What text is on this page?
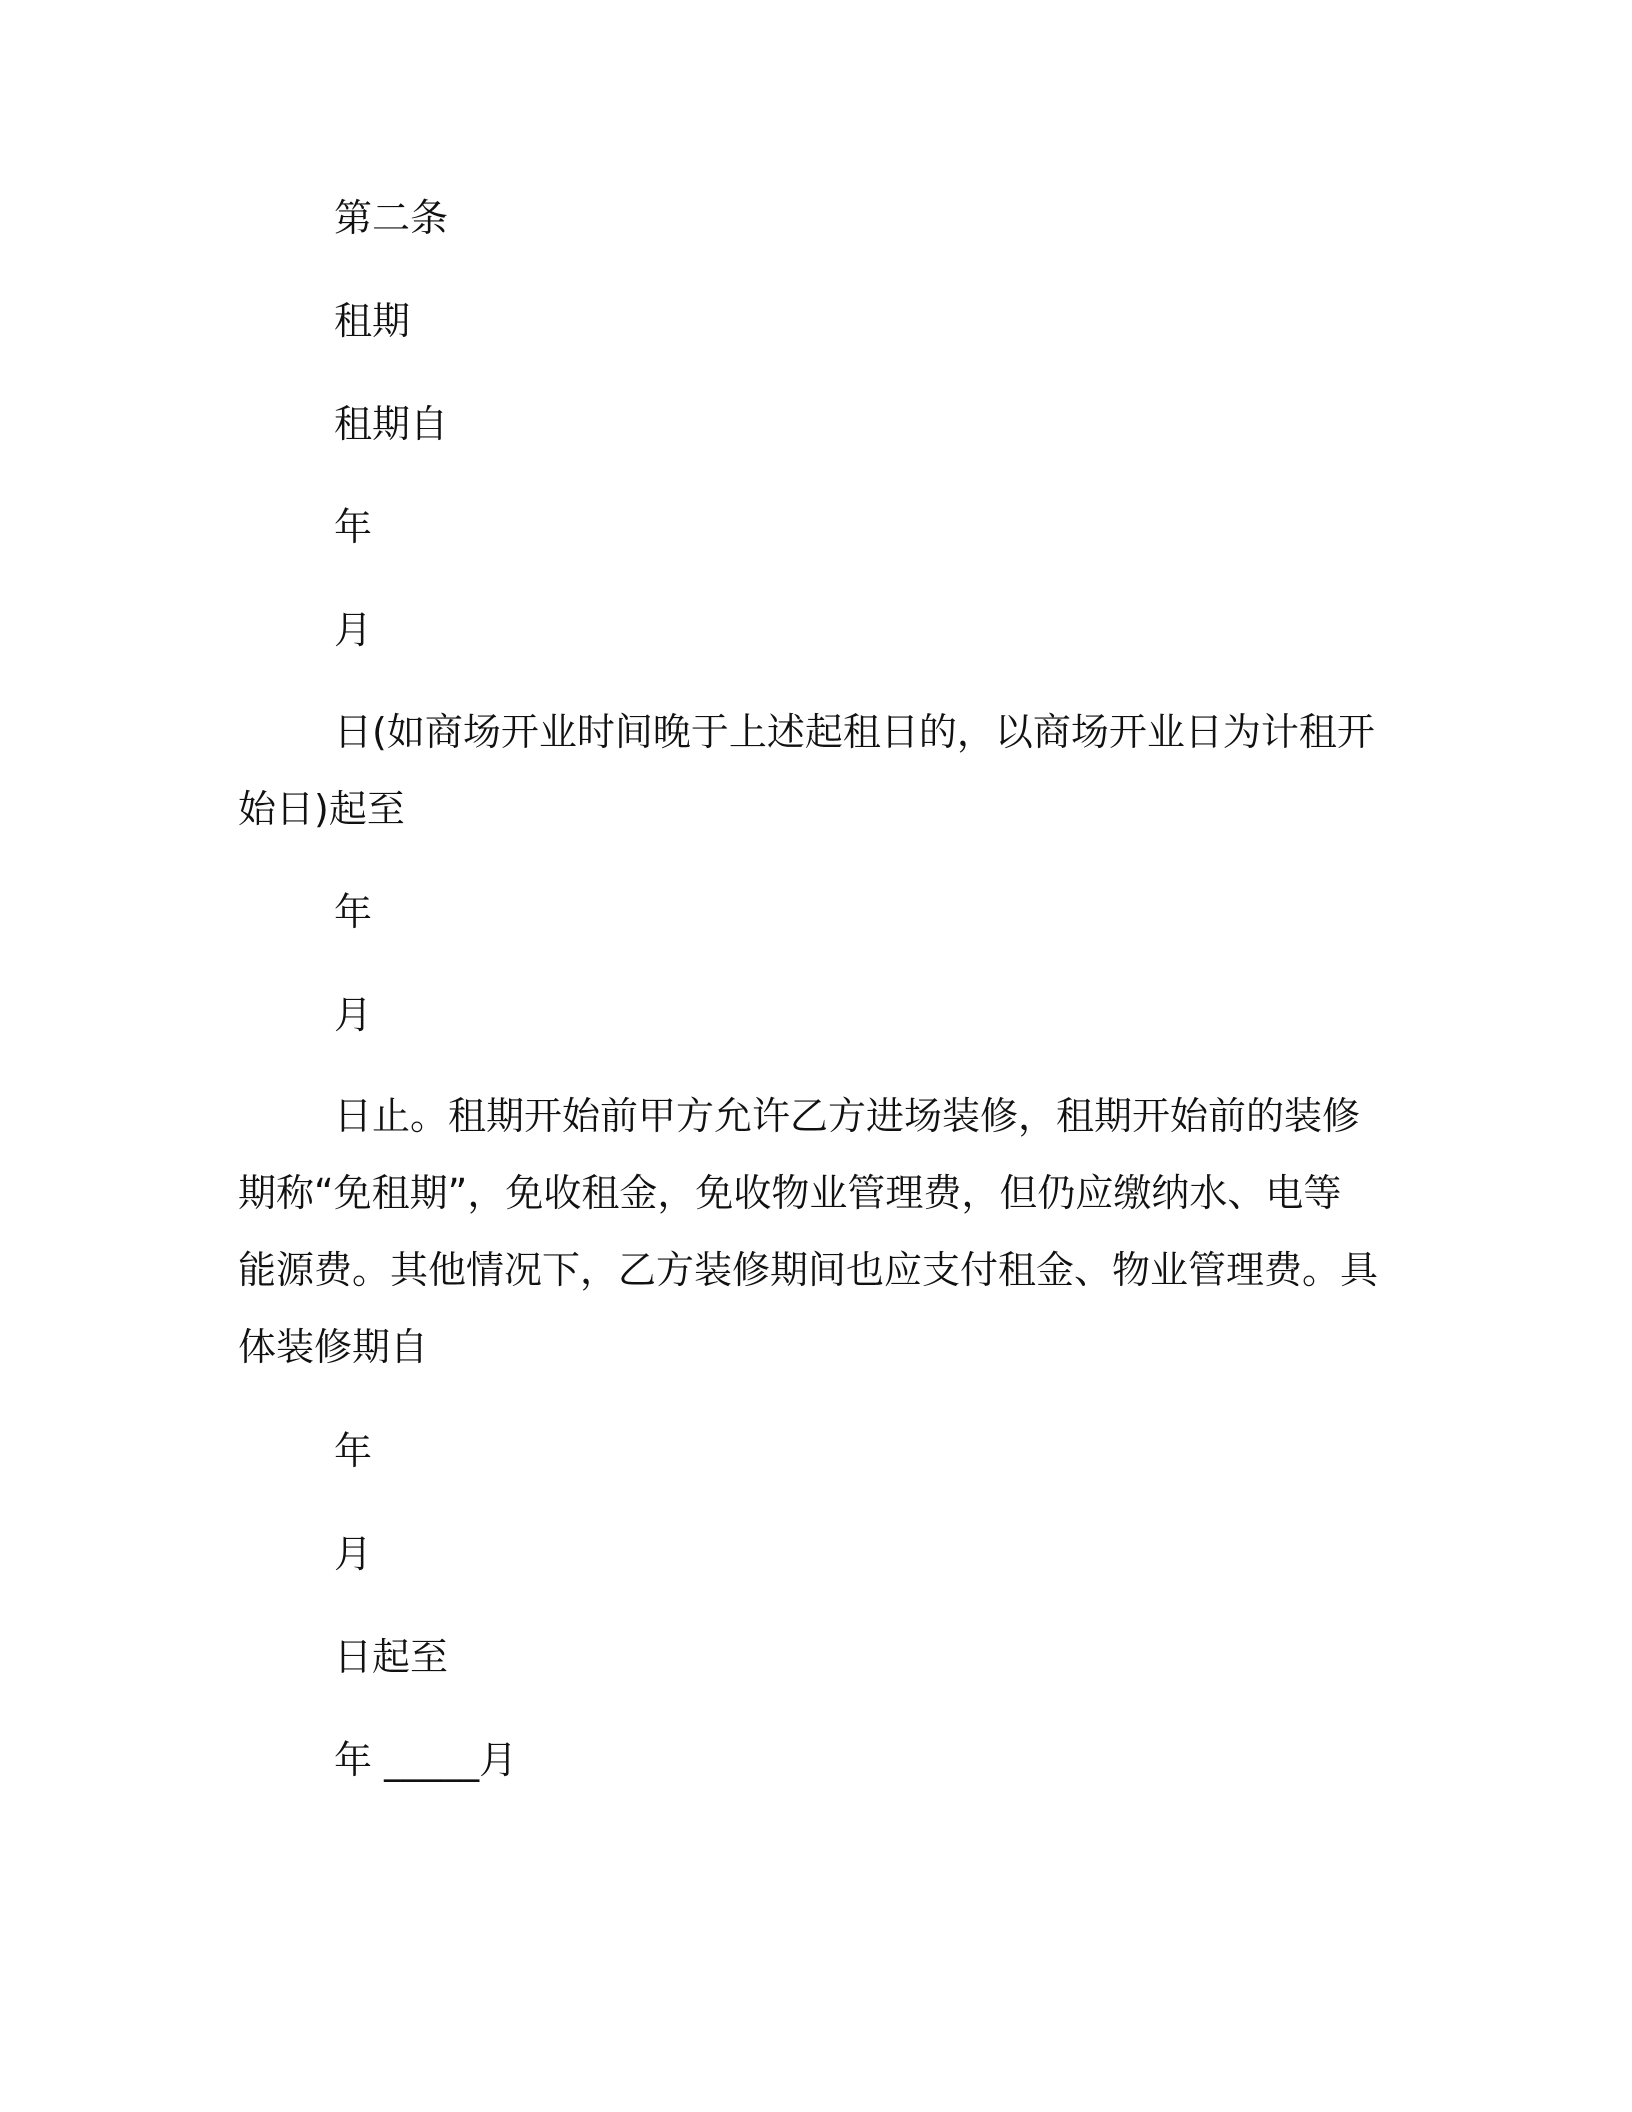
第二条
租期
租期自
年
月
日(如商场开业时间晚于上述起租日的，以商场开业日为计租开始日)起至
年
月
日止。租期开始前甲方允许乙方进场装修，租期开始前的装修期称“免租期”，免收租金，免收物业管理费，但仍应缴纳水、电等能源费。其他情况下，乙方装修期间也应支付租金、物业管理费。具体装修期自
年
月
日起至
年 _____月
